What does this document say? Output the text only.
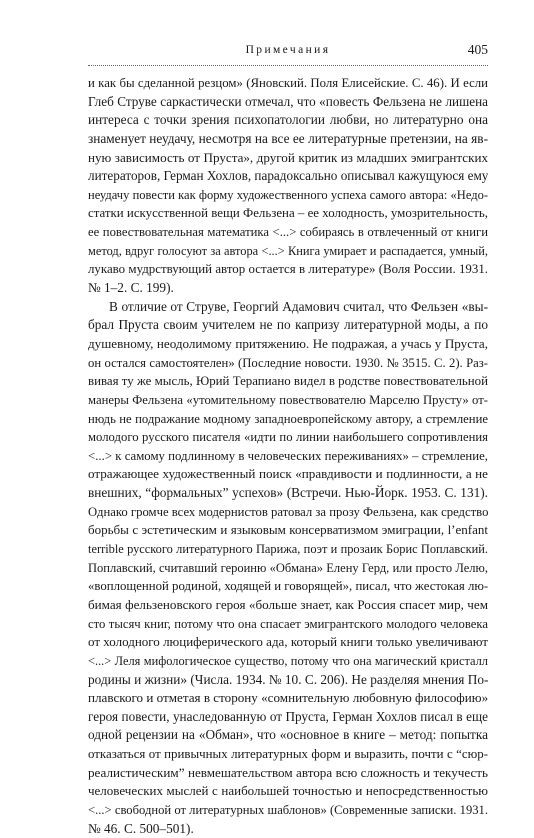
Примечания	405
и как бы сделанной резцом» (Яновский. Поля Елисейские. С. 46). И если
Глеб Струве саркастически отмечал, что «повесть Фельзена не лишена
интереса с точки зрения психопатологии любви, но литературно она
знаменует неудачу, несмотря на все ее литературные претензии, на яв-
ную зависимость от Пруста», другой критик из младших эмигрантских
литераторов, Герман Хохлов, парадоксально описывал кажущуюся ему
неудачу повести как форму художественного успеха самого автора: «Недо-
статки искусственной вещи Фельзена – ее холодность, умозрительность,
ее повествовательная математика <...> собираясь в отвлеченный от книги
метод, вдруг голосуют за автора <...> Книга умирает и распадается, умный,
лукаво мудрствующий автор остается в литературе» (Воля России. 1931.
№ 1–2. С. 199).
В отличие от Струве, Георгий Адамович считал, что Фельзен «вы-
брал Пруста своим учителем не по капризу литературной моды, а по
душевному, неодолимому притяжению. Не подражая, а учась у Пруста,
он остался самостоятелен» (Последние новости. 1930. № 3515. С. 2). Раз-
вивая ту же мысль, Юрий Терапиано видел в родстве повествовательной
манеры Фельзена «утомительному повествователю Марселю Прусту» от-
нюдь не подражание модному западноевропейскому автору, а стремление
молодого русского писателя «идти по линии наибольшего сопротивления
<...> к самому подлинному в человеческих переживаниях» – стремление,
отражающее художественный поиск «правдивости и подлинности, а не
внешних, “формальных” успехов» (Встречи. Нью-Йорк. 1953. С. 131).
Однако громче всех модернистов ратовал за прозу Фельзена, как средство
борьбы с эстетическим и языковым консерватизмом эмиграции, l’enfant
terrible русского литературного Парижа, поэт и прозаик Борис Поплавский.
Поплавский, считавший героиню «Обмана» Елену Герд, или просто Лелю,
«воплощенной родиной, ходящей и говорящей», писал, что жестокая лю-
бимая фельзеновского героя «больше знает, как Россия спасет мир, чем
сто тысяч книг, потому что она спасает эмигрантского молодого человека
от холодного люциферического ада, который книги только увеличивают
<...> Леля мифологическое существо, потому что она магический кристалл
родины и жизни» (Числа. 1934. № 10. С. 206). Не разделяя мнения По-
плавского и отметая в сторону «сомнительную любовную философию»
героя повести, унаследованную от Пруста, Герман Хохлов писал в еще
одной рецензии на «Обман», что «основное в книге – метод: попытка
отказаться от привычных литературных форм и выразить, почти с “сюр-
реалистическим” невмешательством автора всю сложность и текучесть
человеческих мыслей с наибольшей точностью и непосредственностью
<...> свободной от литературных шаблонов» (Современные записки. 1931.
№ 46. С. 500–501).
